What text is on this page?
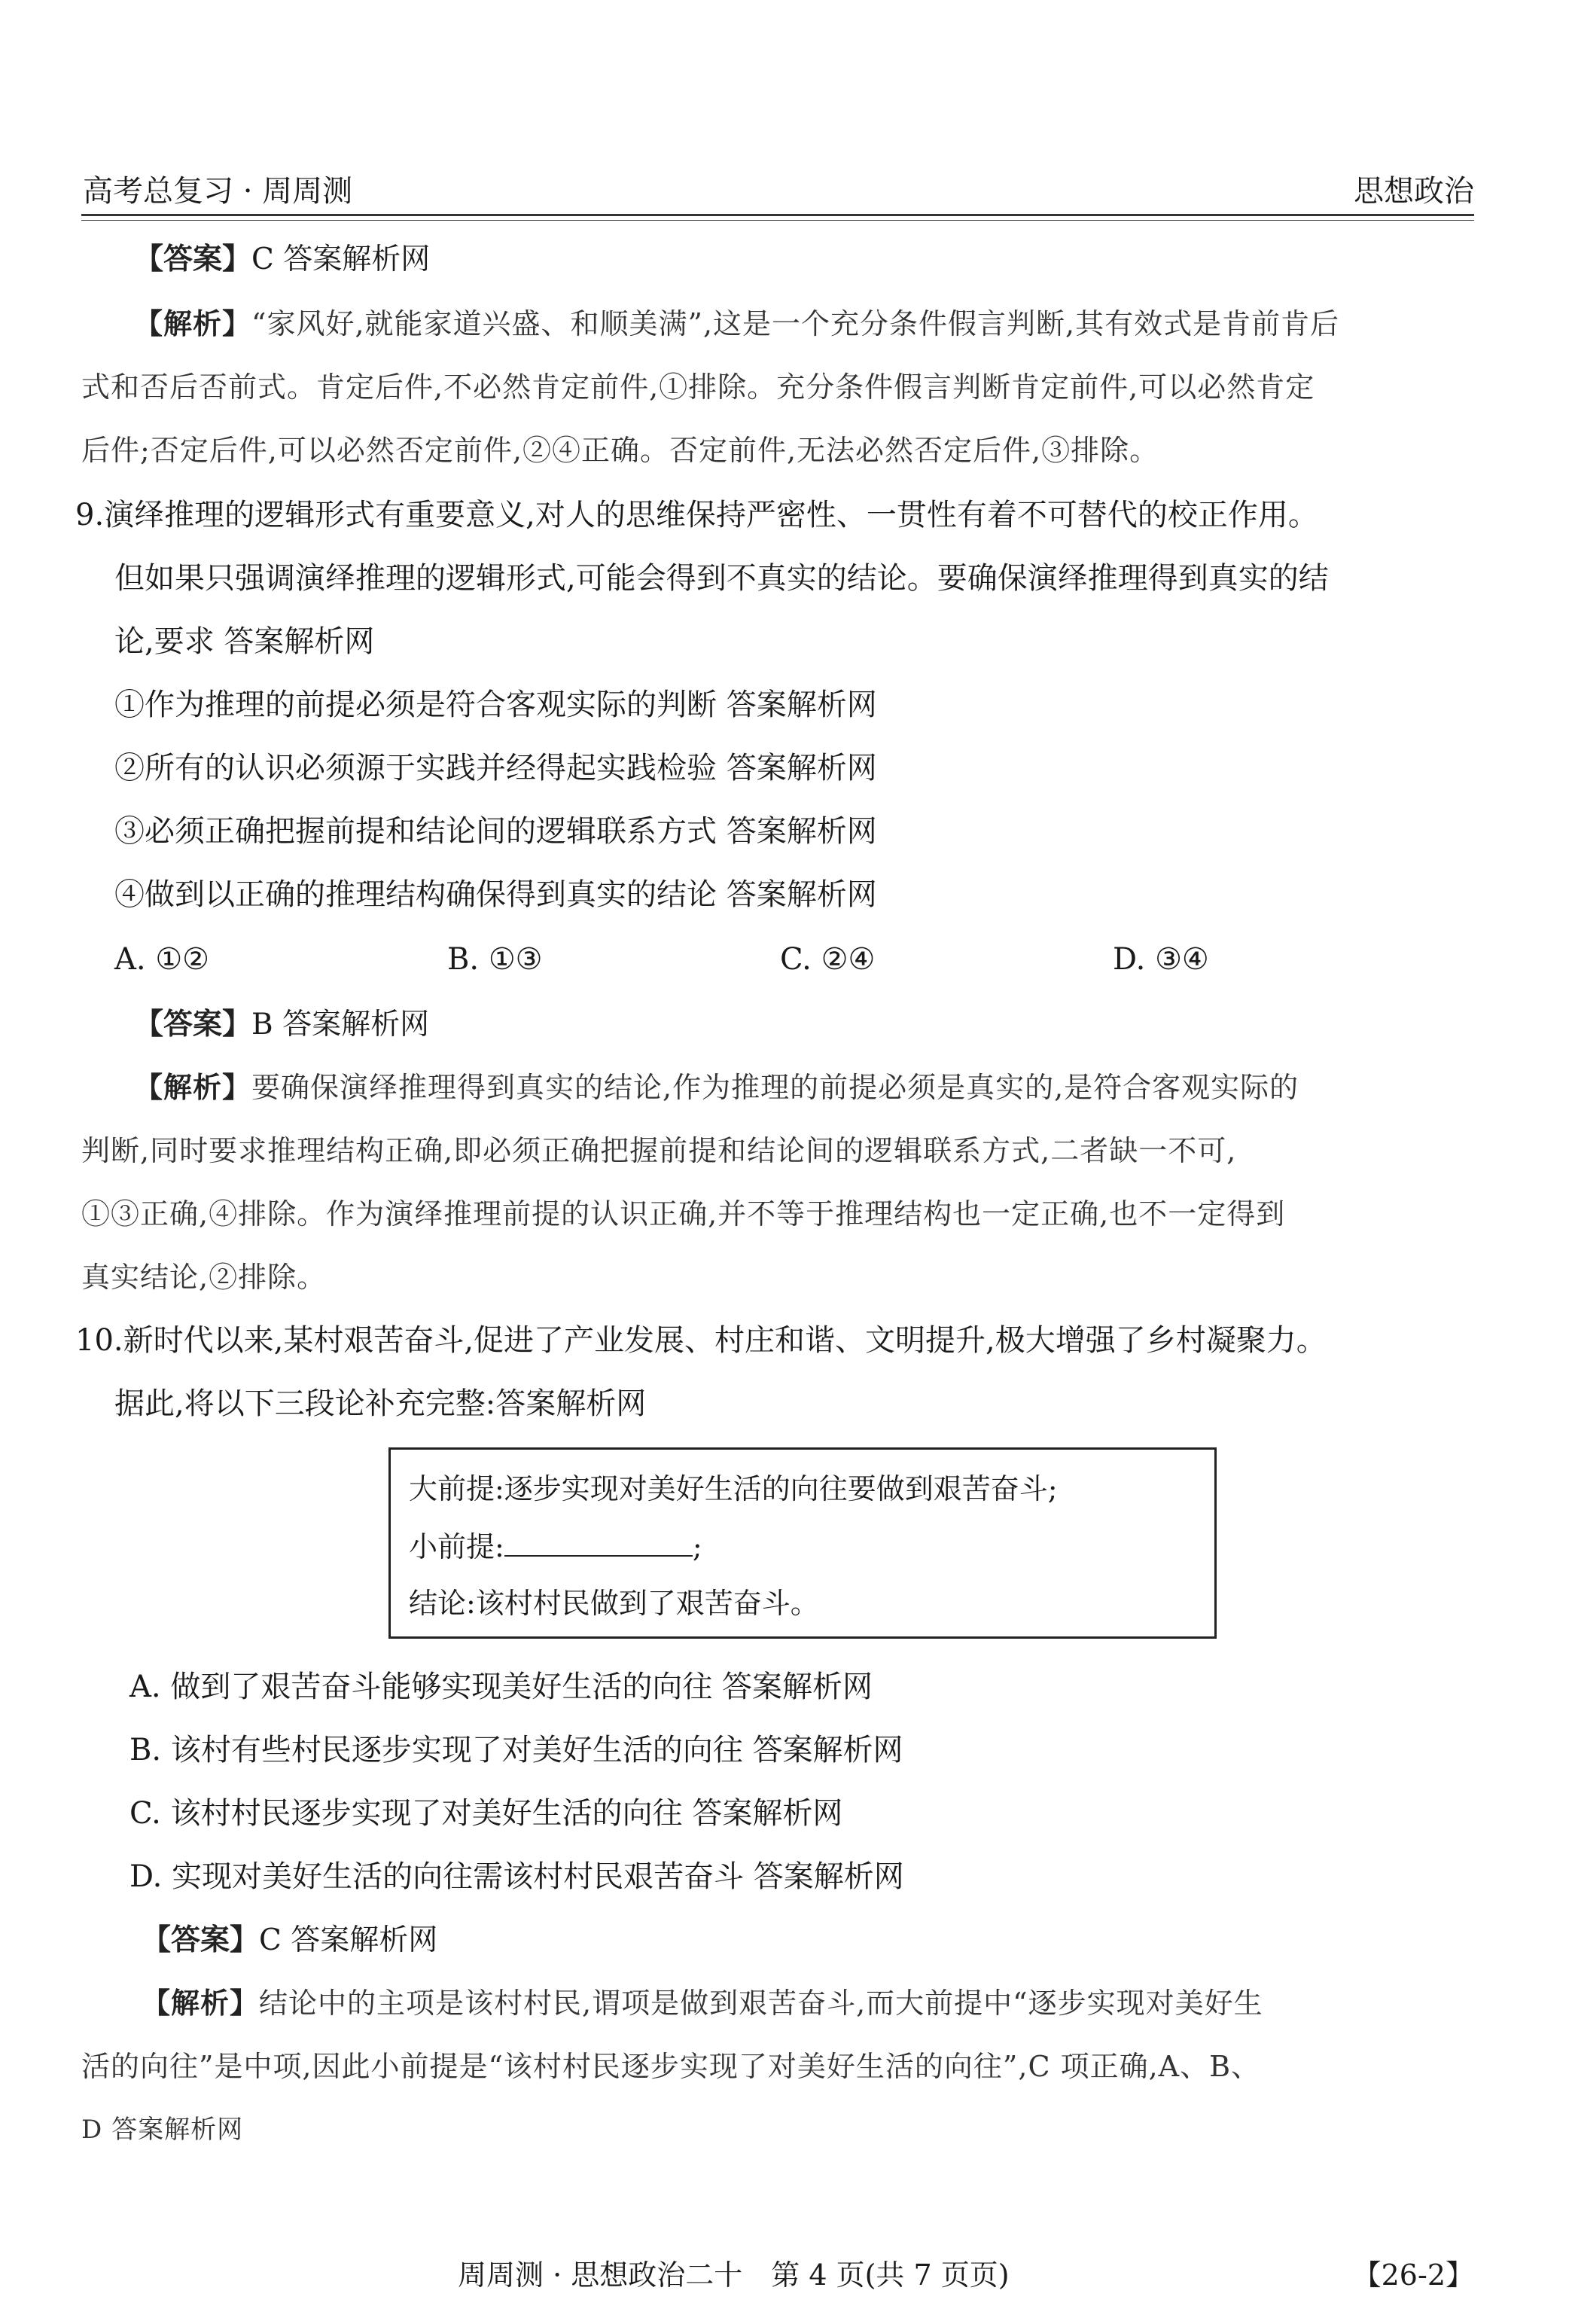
高考总复习 · 周周测	思想政治
【答案】C 答案解析网
【解析】“家风好,就能家道兴盛、和顺美满”,这是一个充分条件假言判断,其有效式是肯前肯后
式和否后否前式。肯定后件,不必然肯定前件,①排除。充分条件假言判断肯定前件,可以必然肯定
后件;否定后件,可以必然否定前件,②④正确。否定前件,无法必然否定后件,③排除。
9.演绎推理的逻辑形式有重要意义,对人的思维保持严密性、一贯性有着不可替代的校正作用。
但如果只强调演绎推理的逻辑形式,可能会得到不真实的结论。要确保演绎推理得到真实的结
论,要求 答案解析网
①作为推理的前提必须是符合客观实际的判断 答案解析网
②所有的认识必须源于实践并经得起实践检验 答案解析网
③必须正确把握前提和结论间的逻辑联系方式 答案解析网
④做到以正确的推理结构确保得到真实的结论 答案解析网
A. ①②	B. ①③	C. ②④	D. ③④
【答案】B 答案解析网
【解析】要确保演绎推理得到真实的结论,作为推理的前提必须是真实的,是符合客观实际的
判断,同时要求推理结构正确,即必须正确把握前提和结论间的逻辑联系方式,二者缺一不可,
①③正确,④排除。作为演绎推理前提的认识正确,并不等于推理结构也一定正确,也不一定得到
真实结论,②排除。
10.新时代以来,某村艰苦奋斗,促进了产业发展、村庄和谐、文明提升,极大增强了乡村凝聚力。
据此,将以下三段论补充完整:答案解析网
大前提:逐步实现对美好生活的向往要做到艰苦奋斗;
小前提:	;
结论:该村村民做到了艰苦奋斗。
A. 做到了艰苦奋斗能够实现美好生活的向往 答案解析网
B. 该村有些村民逐步实现了对美好生活的向往 答案解析网
C. 该村村民逐步实现了对美好生活的向往 答案解析网
D. 实现对美好生活的向往需该村村民艰苦奋斗 答案解析网
【答案】C 答案解析网
【解析】结论中的主项是该村村民,谓项是做到艰苦奋斗,而大前提中“逐步实现对美好生
活的向往”是中项,因此小前提是“该村村民逐步实现了对美好生活的向往”,C 项正确,A、B、
D 答案解析网
周周测 · 思想政治二十　第 4 页(共 7 页页)	【26-2】
